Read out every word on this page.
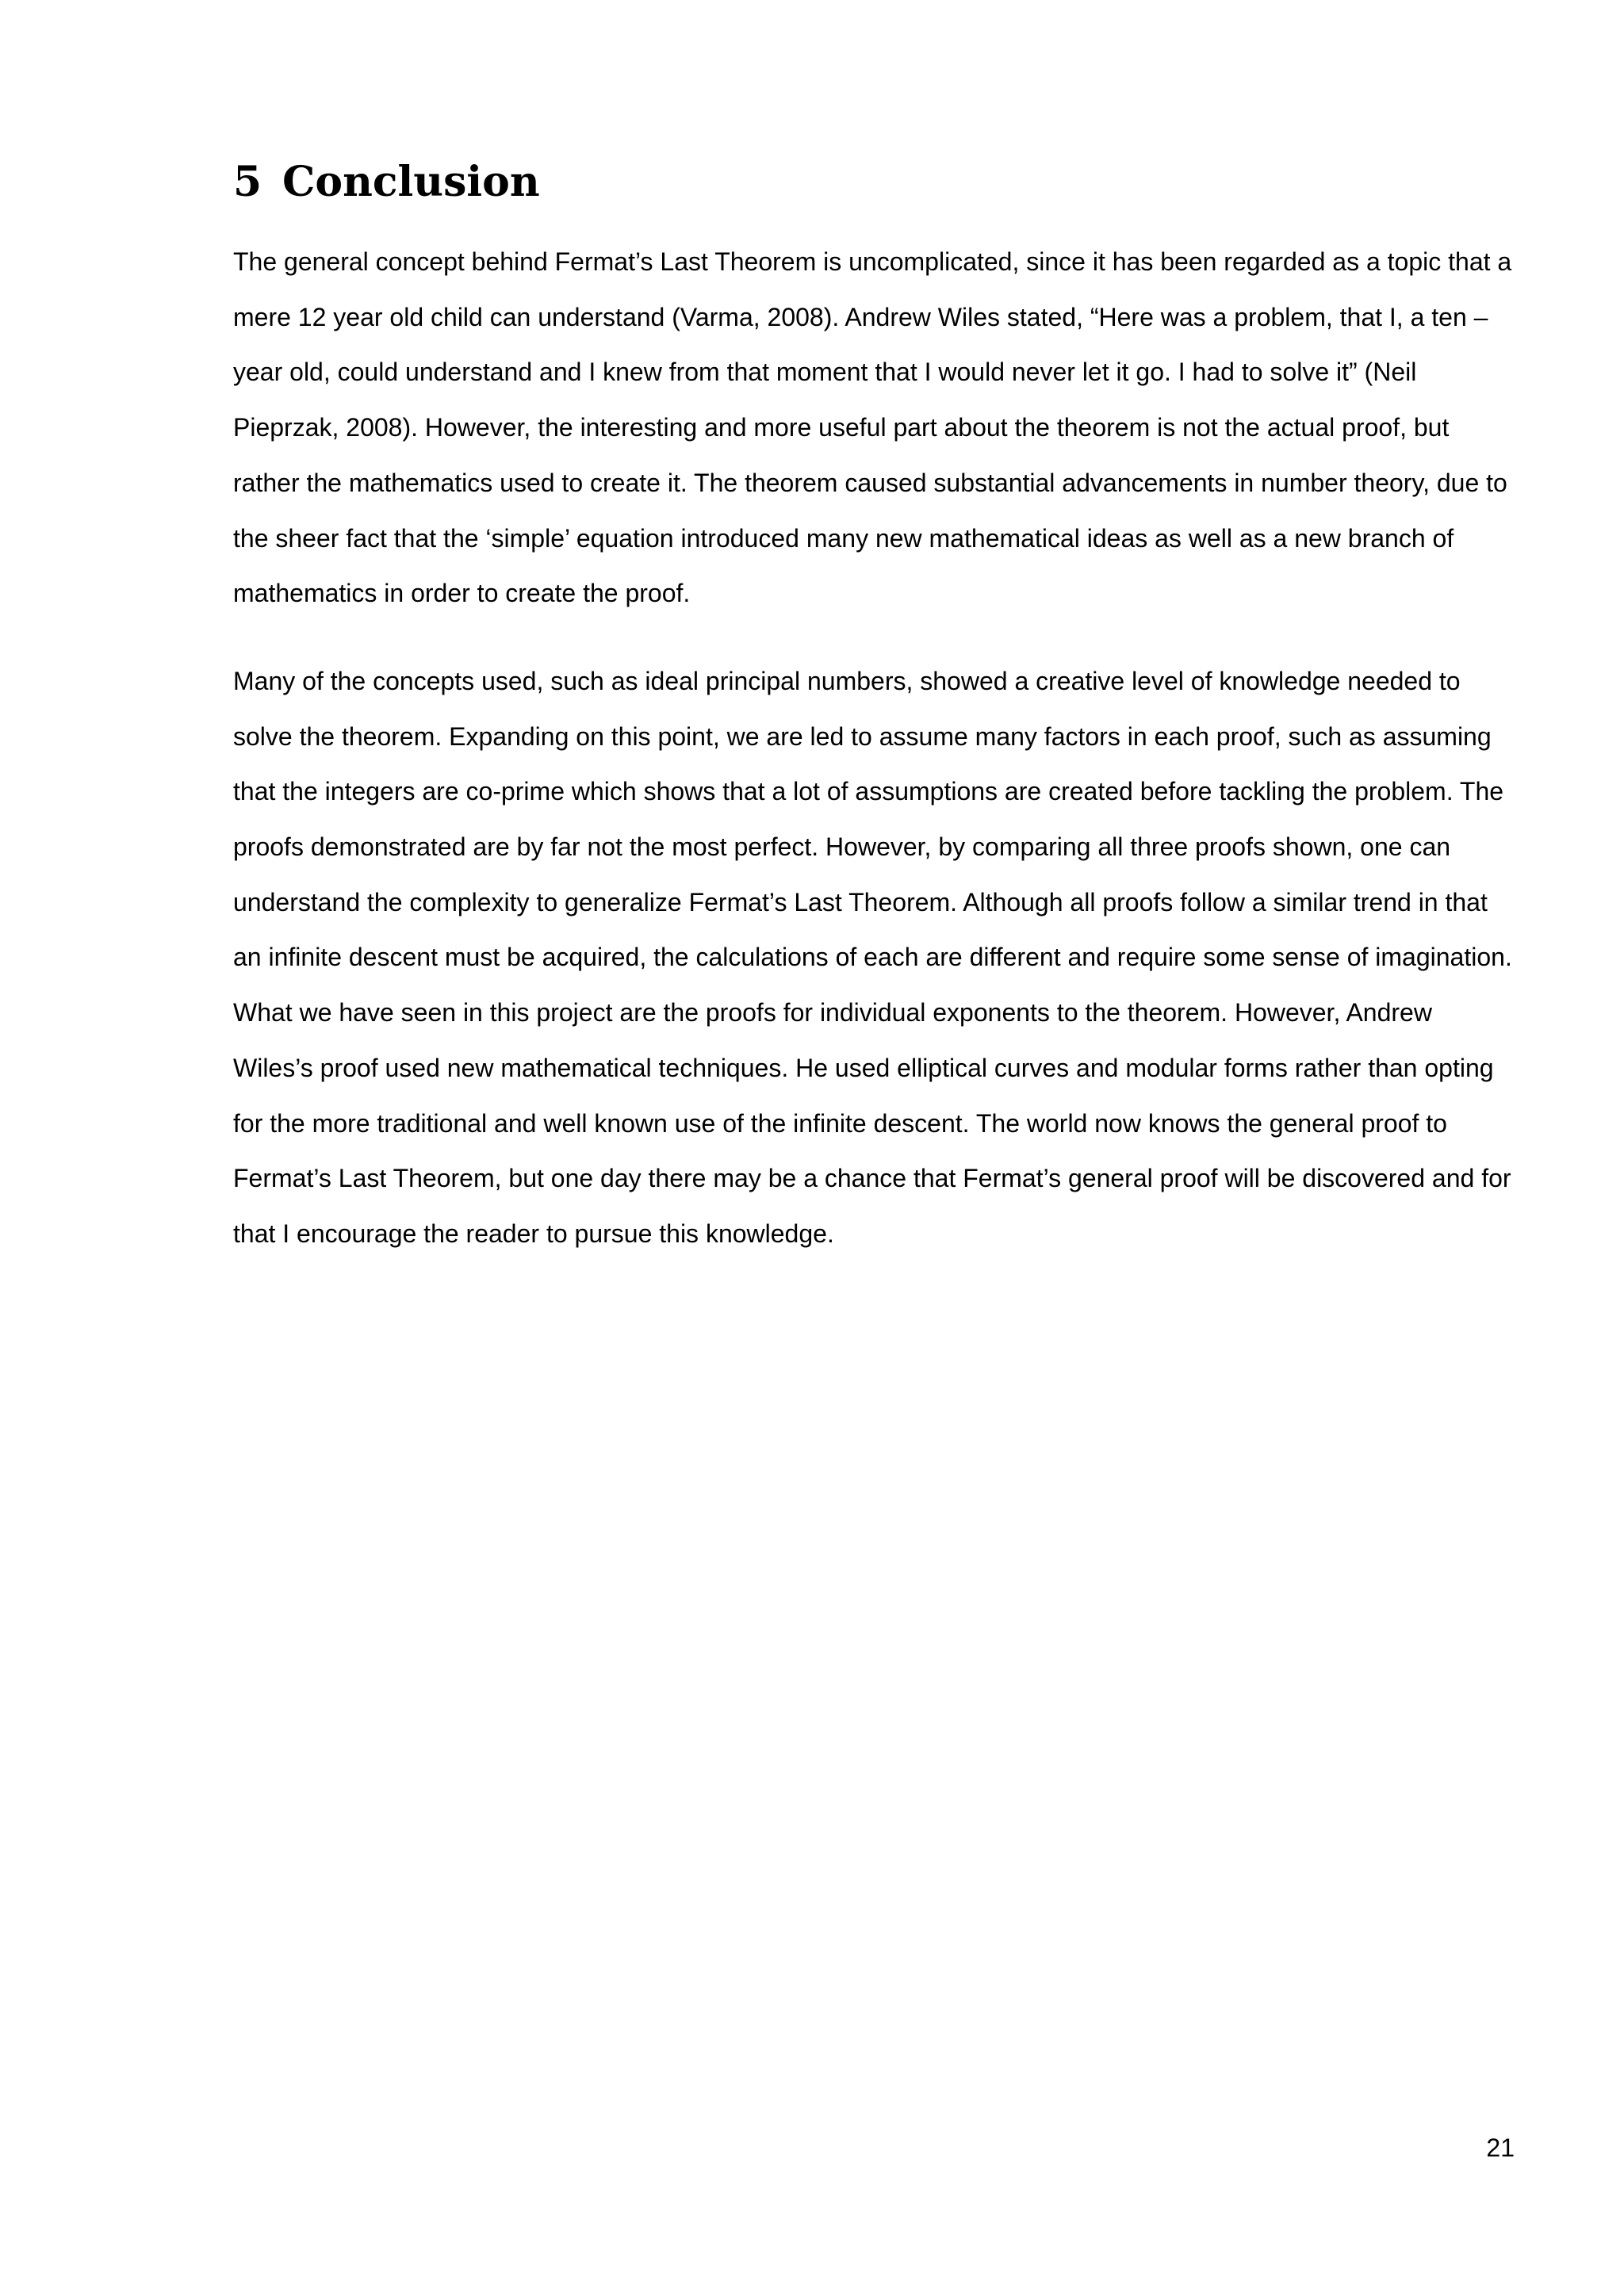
5 Conclusion

The general concept behind Fermat’s Last Theorem is uncomplicated, since it has been regarded as a topic that a mere 12 year old child can understand (Varma, 2008). Andrew Wiles stated, “Here was a problem, that I, a ten – year old, could understand and I knew from that moment that I would never let it go. I had to solve it” (Neil Pieprzak, 2008). However, the interesting and more useful part about the theorem is not the actual proof, but rather the mathematics used to create it. The theorem caused substantial advancements in number theory, due to the sheer fact that the ‘simple’ equation introduced many new mathematical ideas as well as a new branch of mathematics in order to create the proof.

Many of the concepts used, such as ideal principal numbers, showed a creative level of knowledge needed to solve the theorem. Expanding on this point, we are led to assume many factors in each proof, such as assuming that the integers are co-prime which shows that a lot of assumptions are created before tackling the problem. The proofs demonstrated are by far not the most perfect. However, by comparing all three proofs shown, one can understand the complexity to generalize Fermat’s Last Theorem. Although all proofs follow a similar trend in that an infinite descent must be acquired, the calculations of each are different and require some sense of imagination. What we have seen in this project are the proofs for individual exponents to the theorem. However, Andrew Wiles’s proof used new mathematical techniques. He used elliptical curves and modular forms rather than opting for the more traditional and well known use of the infinite descent. The world now knows the general proof to Fermat’s Last Theorem, but one day there may be a chance that Fermat’s general proof will be discovered and for that I encourage the reader to pursue this knowledge.

21
